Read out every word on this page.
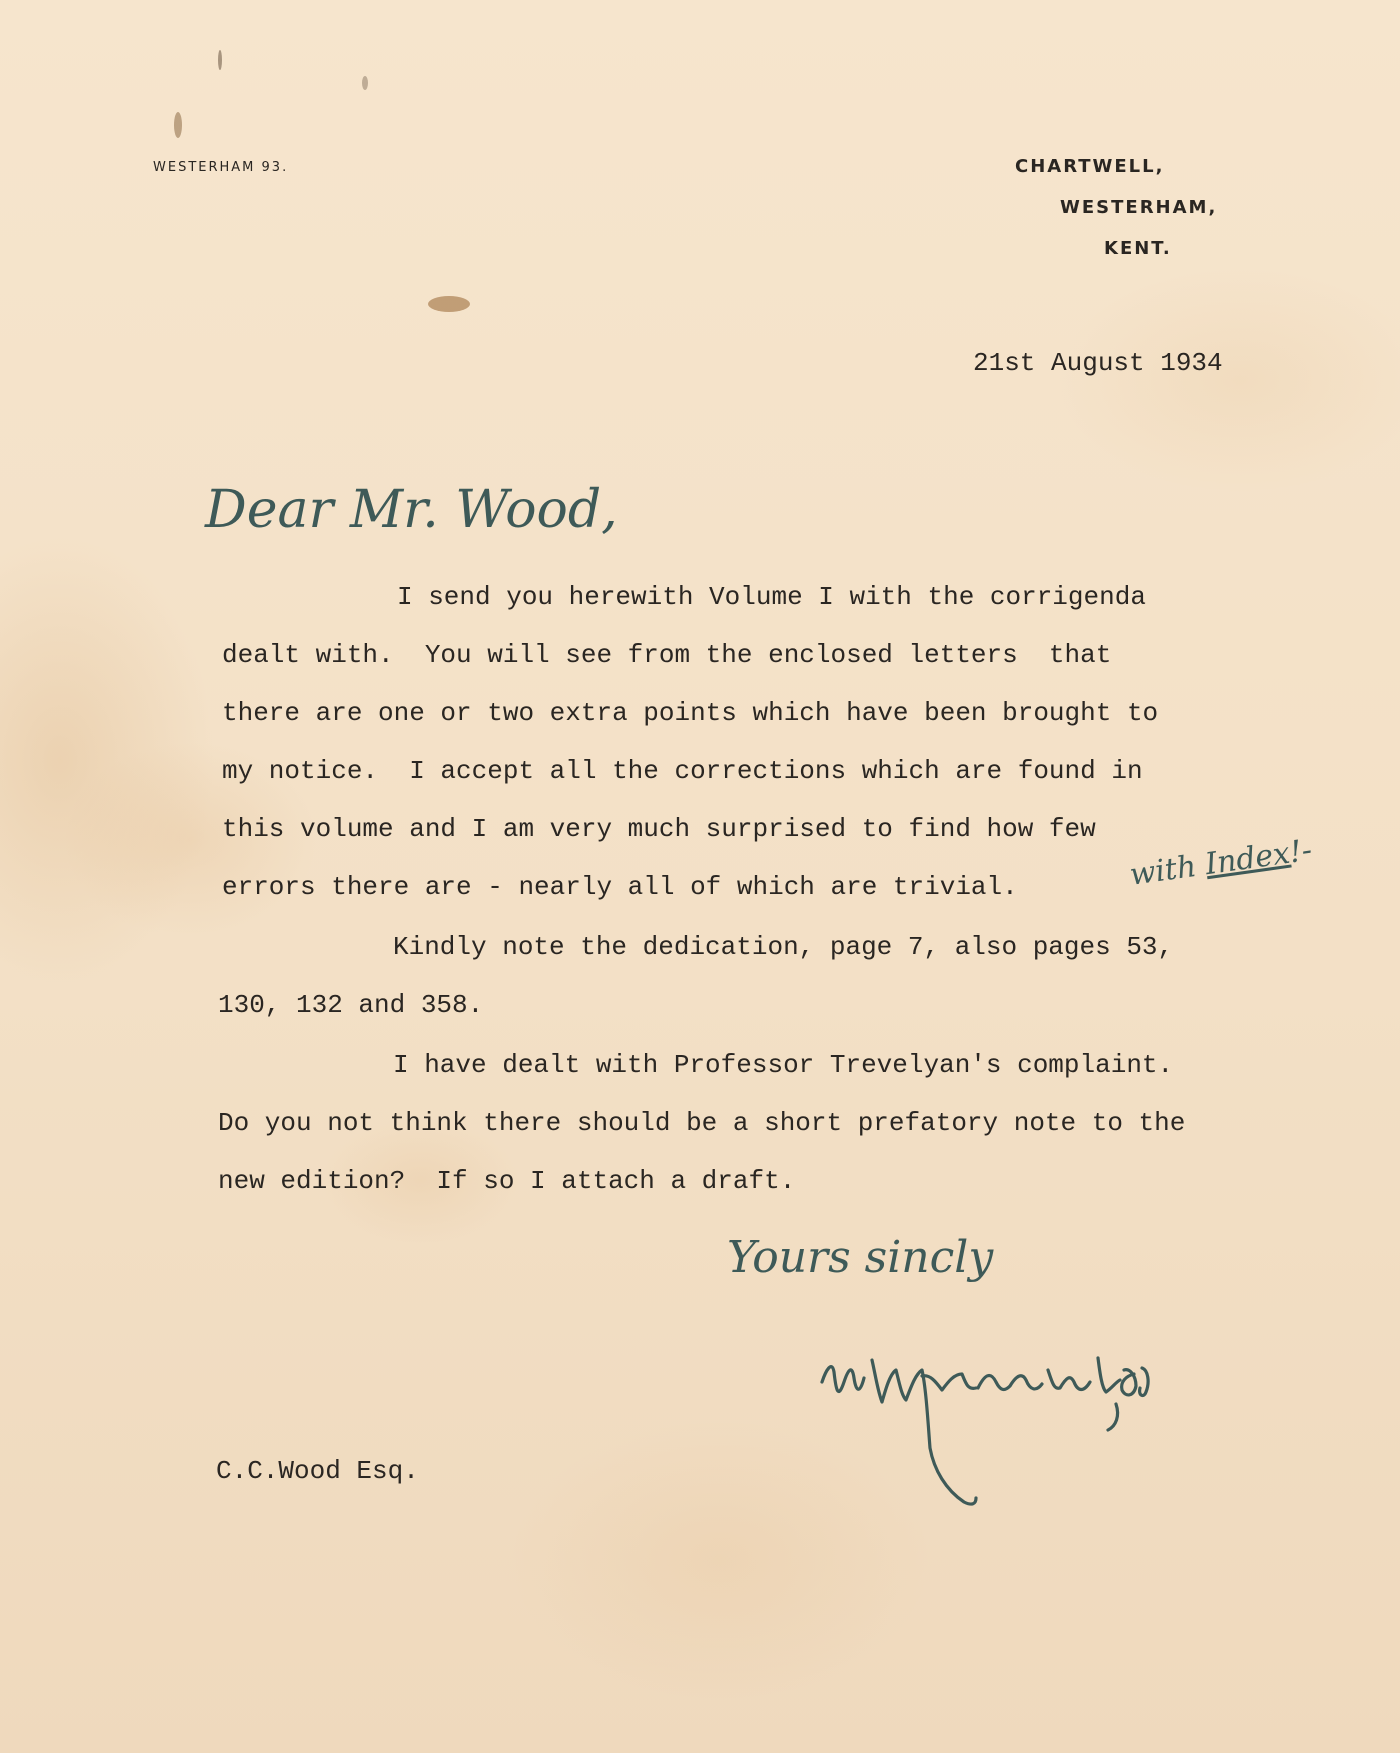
WESTERHAM 93.	CHARTWELL,
WESTERHAM,
KENT.
21st August 1934
Dear Mr. Wood,
I send you herewith Volume I with the corrigenda
dealt with.  You will see from the enclosed letters  that
there are one or two extra points which have been brought to
my notice.  I accept all the corrections which are found in
this volume and I am very much surprised to find how few
errors there are - nearly all of which are trivial.
Kindly note the dedication, page 7, also pages 53,
130, 132 and 358.
I have dealt with Professor Trevelyan's complaint.
Do you not think there should be a short prefatory note to the
new edition?  If so I attach a draft.
with Index!-
Yours sincly
C.C.Wood Esq.
